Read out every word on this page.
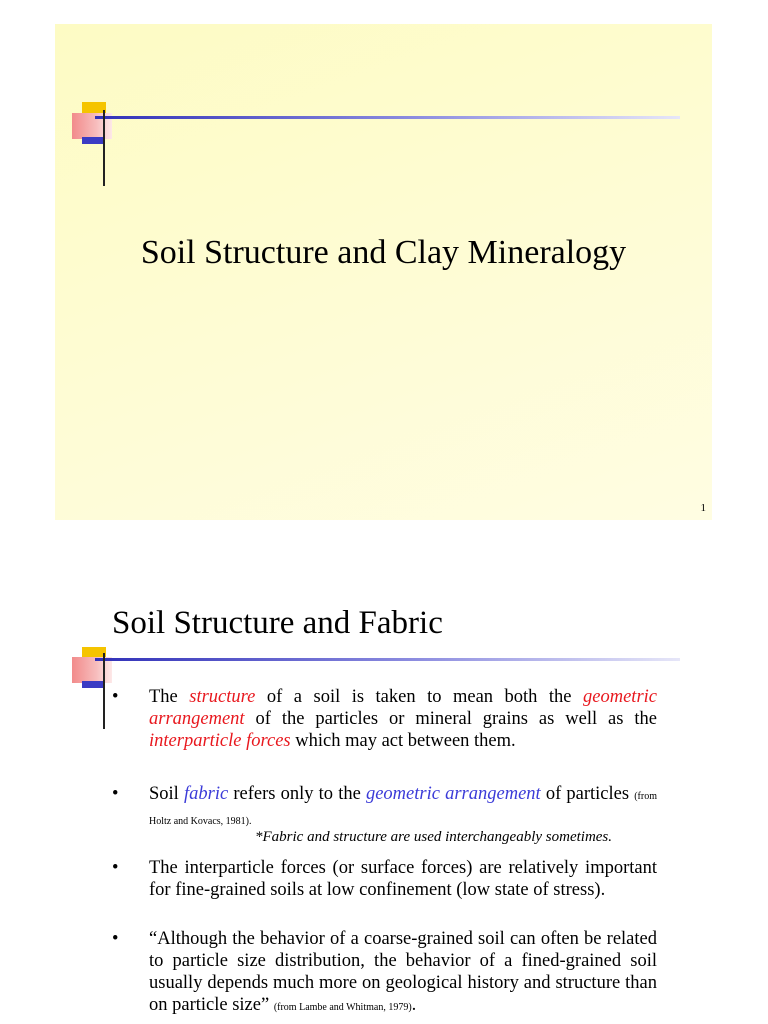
Soil Structure and Clay Mineralogy
1
Soil Structure and Fabric
• The structure of a soil is taken to mean both the geometric arrangement of the particles or mineral grains as well as the interparticle forces which may act between them.
• Soil fabric refers only to the geometric arrangement of particles (from Holtz and Kovacs, 1981).
*Fabric and structure are used interchangeably sometimes.
• The interparticle forces (or surface forces) are relatively important for fine-grained soils at low confinement (low state of stress).
• “Although the behavior of a coarse-grained soil can often be related to particle size distribution, the behavior of a fined-grained soil usually depends much more on geological history and structure than on particle size” (from Lambe and Whitman, 1979).
